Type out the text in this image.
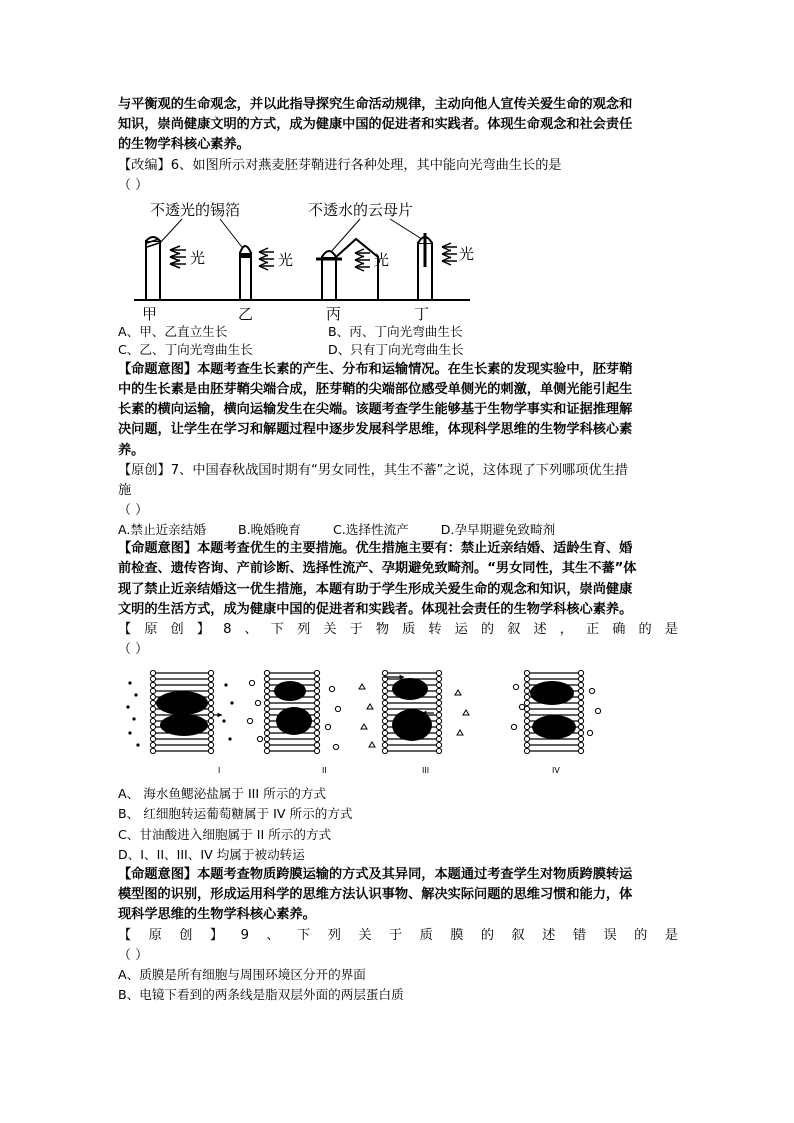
与平衡观的生命观念，并以此指导探究生命活动规律，主动向他人宣传关爱生命的观念和

知识，崇尚健康文明的方式，成为健康中国的促进者和实践者。体现生命观念和社会责任

的生物学科核心素养。

【改编】6、如图所示对燕麦胚芽鞘进行各种处理，其中能向光弯曲生长的是

（ ）

不透光的锡箔	不透水的云母片
光	光	光	光
甲	乙	丙	丁
A、甲、乙直立生长	B、丙、丁向光弯曲生长
C、乙、丁向光弯曲生长	D、只有丁向光弯曲生长

【命题意图】本题考查生长素的产生、分布和运输情况。在生长素的发现实验中，胚芽鞘

中的生长素是由胚芽鞘尖端合成，胚芽鞘的尖端部位感受单侧光的刺激，单侧光能引起生

长素的横向运输，横向运输发生在尖端。该题考查学生能够基于生物学事实和证据推理解

决问题，让学生在学习和解题过程中逐步发展科学思维，体现科学思维的生物学科核心素

养。

【原创】7、中国春秋战国时期有“男女同性，其生不蕃”之说，这体现了下列哪项优生措

施

（ ）

A.禁止近亲结婚	B.晚婚晚育	C.选择性流产	D.孕早期避免致畸剂

【命题意图】本题考查优生的主要措施。优生措施主要有：禁止近亲结婚、适龄生育、婚

前检查、遗传咨询、产前诊断、选择性流产、孕期避免致畸剂。“男女同性，其生不蕃”体

现了禁止近亲结婚这一优生措施，本题有助于学生形成关爱生命的观念和知识，崇尚健康

文明的生活方式，成为健康中国的促进者和实践者。体现社会责任的生物学科核心素养。

【 原 创 】 8 、 下 列 关 于 物 质 转 运 的 叙 述 ， 正 确 的 是

（ ）

I	II	III	IV

A、 海水鱼鳃泌盐属于 III 所示的方式

B、 红细胞转运葡萄糖属于 IV 所示的方式

C、甘油酸进入细胞属于 II 所示的方式

D、I、II、III、IV 均属于被动转运

【命题意图】本题考查物质跨膜运输的方式及其异同，本题通过考查学生对物质跨膜转运

模型图的识别，形成运用科学的思维方法认识事物、解决实际问题的思维习惯和能力，体

现科学思维的生物学科核心素养。

【 原 创 】 9 、 下 列 关 于 质 膜 的 叙 述 错 误 的 是

（ ）

A、质膜是所有细胞与周围环境区分开的界面

B、电镜下看到的两条线是脂双层外面的两层蛋白质
